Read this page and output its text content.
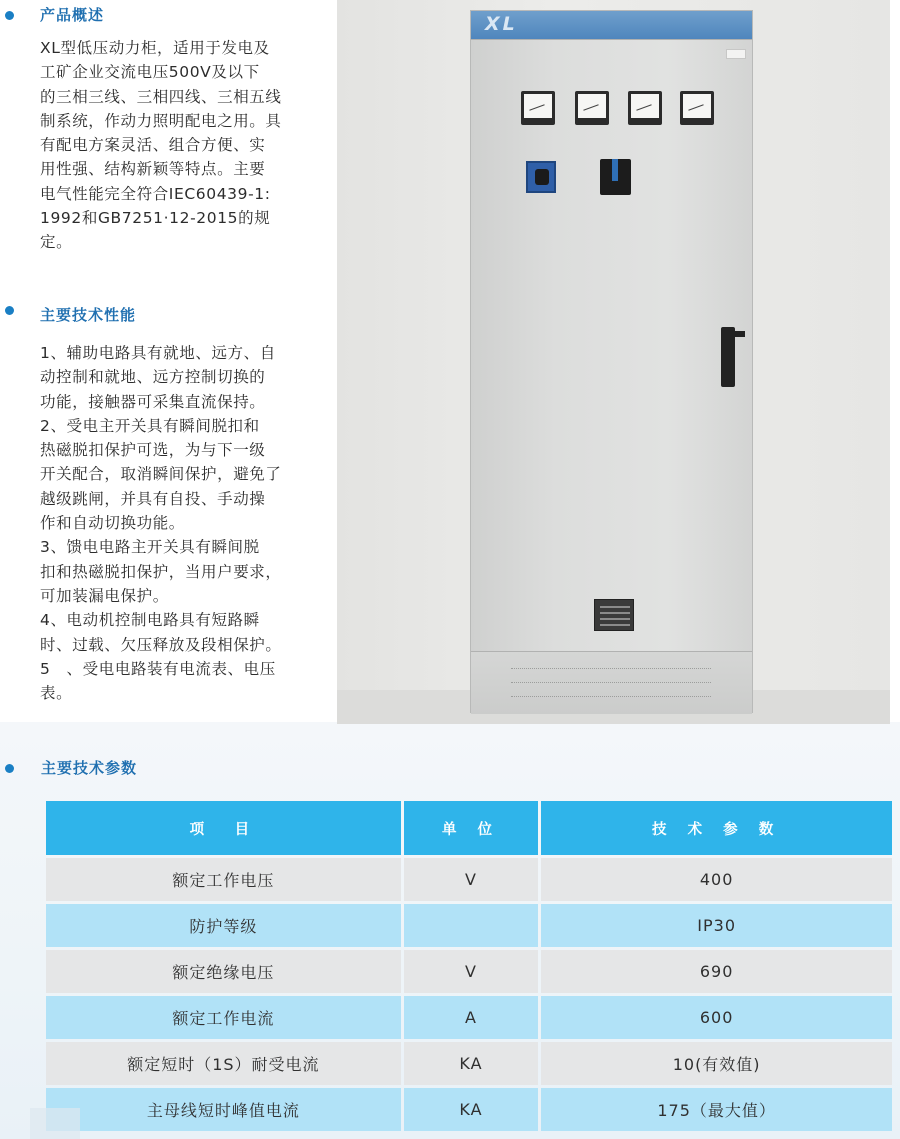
产品概述

XL型低压动力柜，适用于发电及

工矿企业交流电压500V及以下

的三相三线、三相四线、三相五线

制系统，作动力照明配电之用。具

有配电方案灵活、组合方便、实

用性强、结构新颖等特点。主要

电气性能完全符合IEC60439-1:

1992和GB7251·12-2015的规

定。

主要技术性能

1、辅助电路具有就地、远方、自

动控制和就地、远方控制切换的

功能，接触器可采集直流保持。

2、受电主开关具有瞬间脱扣和

热磁脱扣保护可选，为与下一级

开关配合，取消瞬间保护，避免了

越级跳闸，并具有自投、手动操

作和自动切换功能。

3、馈电电路主开关具有瞬间脱

扣和热磁脱扣保护，当用户要求，

可加装漏电保护。

4、电动机控制电路具有短路瞬

时、过载、欠压释放及段相保护。

5　、受电电路装有电流表、电压

表。

XL
主要技术参数
项　目	单 位	技 术 参 数
额定工作电压	V	400
防护等级		IP30
额定绝缘电压	V	690
额定工作电流	A	600
额定短时（1S）耐受电流	KA	10(有效值)
主母线短时峰值电流	KA	175（最大值）
